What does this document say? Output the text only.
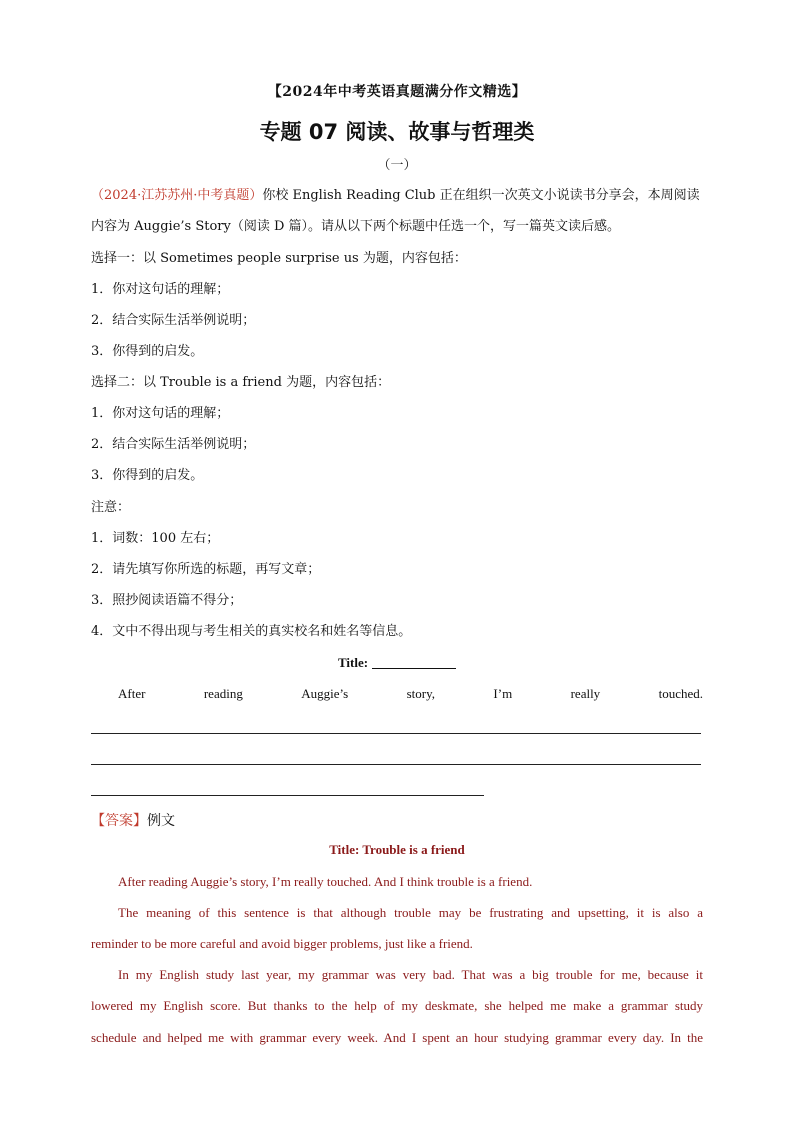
【2024年中考英语真题满分作文精选】
专题 07 阅读、故事与哲理类
（一）
（2024·江苏苏州·中考真题）你校 English Reading Club 正在组织一次英文小说读书分享会，本周阅读
内容为 Auggie’s Story（阅读 D 篇）。请从以下两个标题中任选一个，写一篇英文读后感。
选择一：以 Sometimes people surprise us 为题，内容包括：
1．你对这句话的理解；
2．结合实际生活举例说明；
3．你得到的启发。
选择二：以 Trouble is a friend 为题，内容包括：
1．你对这句话的理解；
2．结合实际生活举例说明；
3．你得到的启发。
注意：
1．词数：100 左右；
2．请先填写你所选的标题，再写文章；
3．照抄阅读语篇不得分；
4．文中不得出现与考生相关的真实校名和姓名等信息。
Title:
After	reading	Auggie’s	story,	I’m	really	touched.
【答案】例文
Title: Trouble is a friend
After reading Auggie’s story, I’m really touched. And I think trouble is a friend.
The meaning of this sentence is that although trouble may be frustrating and upsetting, it is also a
reminder to be more careful and avoid bigger problems, just like a friend.
In my English study last year, my grammar was very bad. That was a big trouble for me, because it
lowered my English score. But thanks to the help of my deskmate, she helped me make a grammar study
schedule and helped me with grammar every week. And I spent an hour studying grammar every day. In the
